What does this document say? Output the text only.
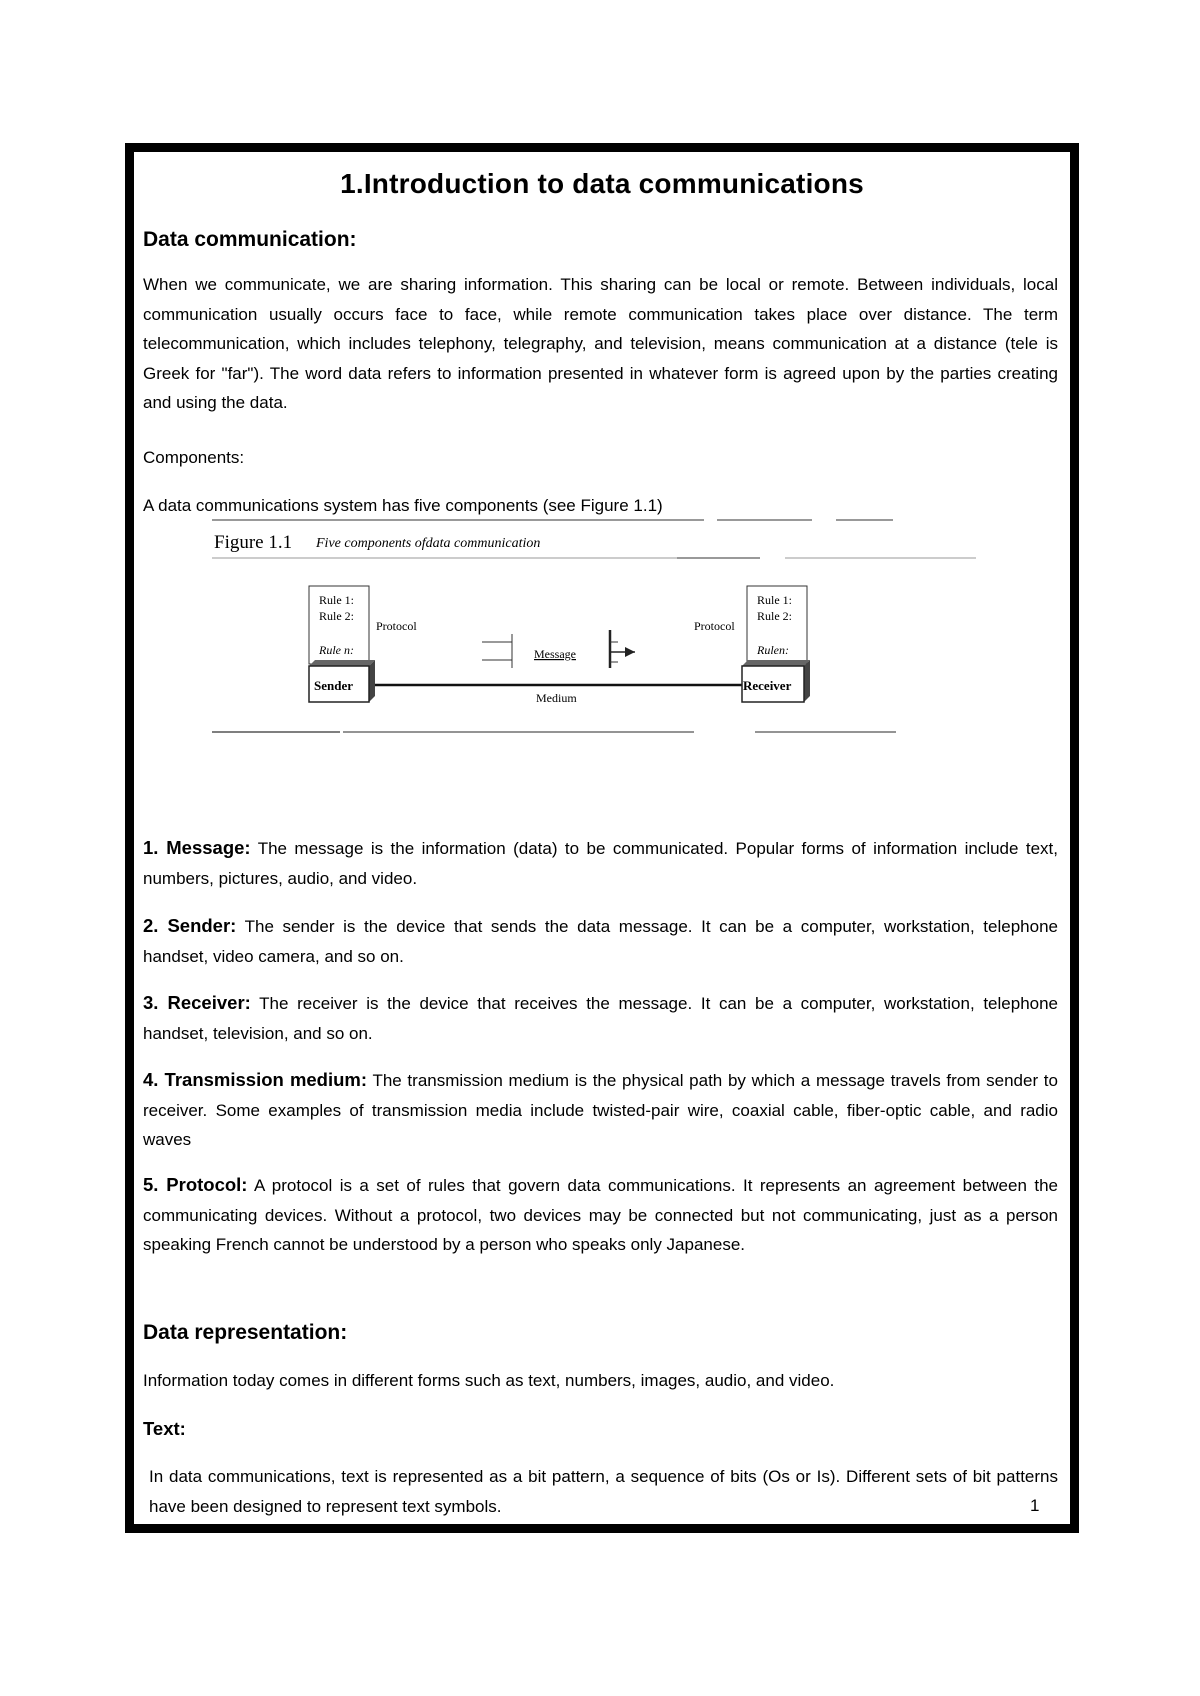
1.Introduction to data communications
Data communication:
When we communicate, we are sharing information. This sharing can be local or remote. Between individuals, local communication usually occurs face to face, while remote communication takes place over distance. The term telecommunication, which includes telephony, telegraphy, and television, means communication at a distance (tele is Greek for "far"). The word data refers to information presented in whatever form is agreed upon by the parties creating and using the data.
Components:
A data communications system has five components (see Figure 1.1)
Figure 1.1 Five components ofdata communication
Rule 1:
Rule 2:
Rule n:
Protocol
Rule 1:
Rule 2:
Rulen:
Protocol
Message
Medium
Sender	Receiver
1. Message: The message is the information (data) to be communicated. Popular forms of information include text, numbers, pictures, audio, and video.
2. Sender: The sender is the device that sends the data message. It can be a computer, workstation, telephone handset, video camera, and so on.
3. Receiver: The receiver is the device that receives the message. It can be a computer, workstation, telephone handset, television, and so on.
4. Transmission medium: The transmission medium is the physical path by which a message travels from sender to receiver. Some examples of transmission media include twisted-pair wire, coaxial cable, fiber-optic cable, and radio waves
5. Protocol: A protocol is a set of rules that govern data communications. It represents an agreement between the communicating devices. Without a protocol, two devices may be connected but not communicating, just as a person speaking French cannot be understood by a person who speaks only Japanese.
Data representation:
Information today comes in different forms such as text, numbers, images, audio, and video.
Text:
In data communications, text is represented as a bit pattern, a sequence of bits (Os or Is). Different sets of bit patterns have been designed to represent text symbols.	1
